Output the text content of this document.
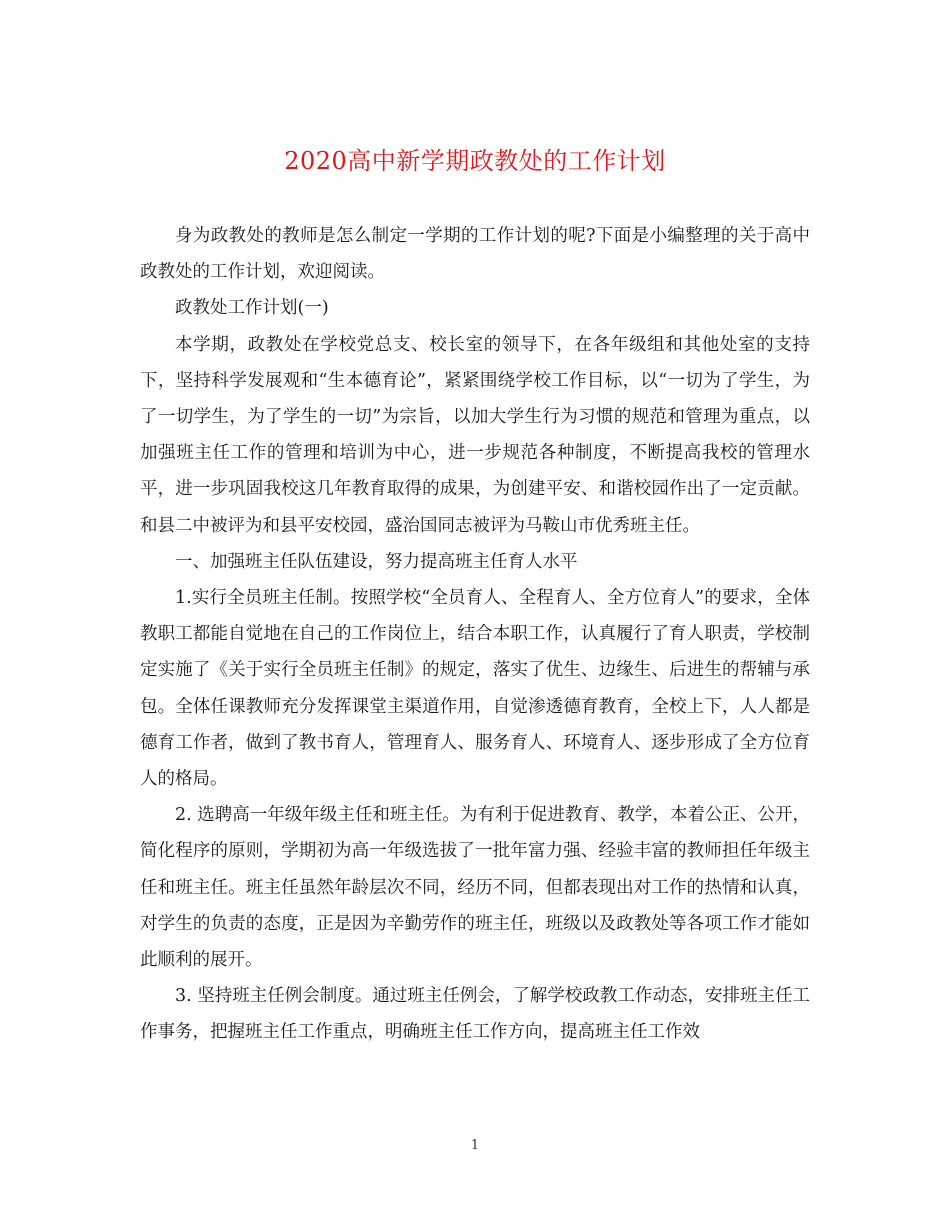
2020高中新学期政教处的工作计划

身为政教处的教师是怎么制定一学期的工作计划的呢?下面是小编整理的关于高中政教处的工作计划，欢迎阅读。

政教处工作计划(一)

本学期，政教处在学校党总支、校长室的领导下，在各年级组和其他处室的支持下，坚持科学发展观和“生本德育论”，紧紧围绕学校工作目标，以“一切为了学生，为了一切学生，为了学生的一切”为宗旨，以加大学生行为习惯的规范和管理为重点，以加强班主任工作的管理和培训为中心，进一步规范各种制度，不断提高我校的管理水平，进一步巩固我校这几年教育取得的成果，为创建平安、和谐校园作出了一定贡献。和县二中被评为和县平安校园，盛治国同志被评为马鞍山市优秀班主任。

一、加强班主任队伍建设，努力提高班主任育人水平

1.实行全员班主任制。按照学校“全员育人、全程育人、全方位育人”的要求，全体教职工都能自觉地在自己的工作岗位上，结合本职工作，认真履行了育人职责，学校制定实施了《关于实行全员班主任制》的规定，落实了优生、边缘生、后进生的帮辅与承包。全体任课教师充分发挥课堂主渠道作用，自觉渗透德育教育，全校上下，人人都是德育工作者，做到了教书育人，管理育人、服务育人、环境育人、逐步形成了全方位育人的格局。

2. 选聘高一年级年级主任和班主任。为有利于促进教育、教学，本着公正、公开，简化程序的原则，学期初为高一年级选拔了一批年富力强、经验丰富的教师担任年级主任和班主任。班主任虽然年龄层次不同，经历不同，但都表现出对工作的热情和认真，对学生的负责的态度，正是因为辛勤劳作的班主任，班级以及政教处等各项工作才能如此顺利的展开。

3. 坚持班主任例会制度。通过班主任例会，了解学校政教工作动态，安排班主任工作事务，把握班主任工作重点，明确班主任工作方向，提高班主任工作效

1
